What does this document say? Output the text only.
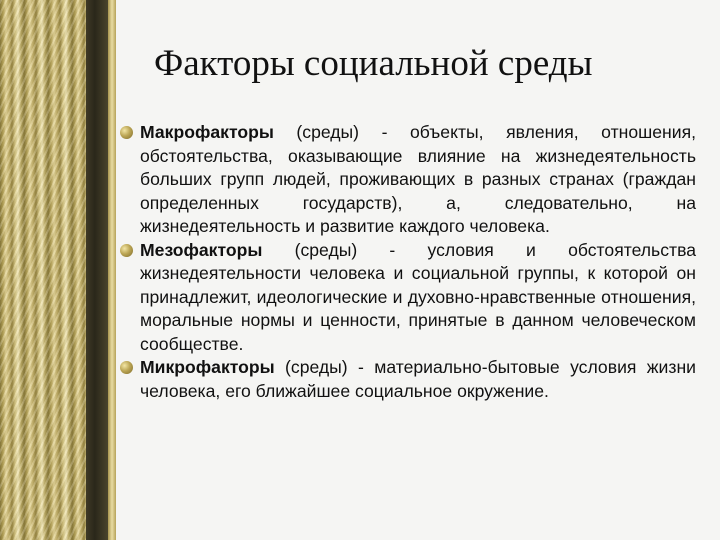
Факторы социальной среды
Макрофакторы (среды) - объекты, явления, отношения, обстоятельства, оказывающие влияние на жизнедеятельность больших групп людей, проживающих в разных странах (граждан определенных государств), а, следовательно, на жизнедеятельность и развитие каждого человека.
Мезофакторы (среды) - условия и обстоятельства жизнедеятельности человека и социальной группы, к которой он принадлежит, идеологические и духовно-нравственные отношения, моральные нормы и ценности, принятые в данном человеческом сообществе.
Микрофакторы (среды) - материально-бытовые условия жизни человека, его ближайшее социальное окружение.
